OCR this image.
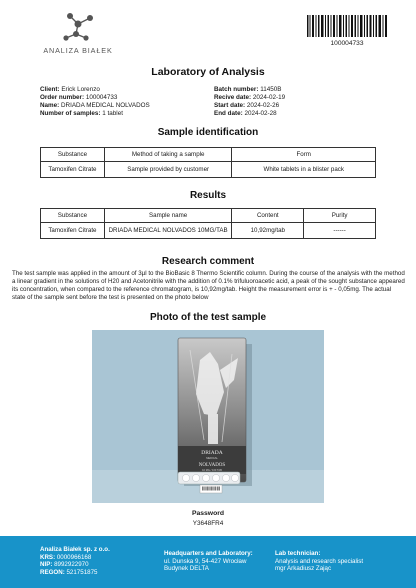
ANALIZA BIAŁEK
100004733
Laboratory of Analysis
Client: Erick Lorenzo
Order number: 100004733
Name: DRIADA MEDICAL NOLVADOS
Number of samples: 1 tablet
Batch number: 11450B
Recive date: 2024-02-19
Start date: 2024-02-26
End date: 2024-02-28
Sample identification
Substance	Method of taking a sample	Form
Tamoxifen Citrate	Sample provided by customer	White tablets in a blister pack
Results
Substance	Sample name	Content	Purity
Tamoxifen Citrate	DRIADA MEDICAL NOLVADOS 10MG/TAB	10,92mg/tab	------
Research comment
The test sample was applied in the amount of 3µl to the BioBasic 8 Thermo Scientific column. During the course of the analysis with the method a linear gradient in the solutions of H20 and Acetonitrile with the addition of 0.1% trifuluoroacetic acid, a peak of the sought substance appeared its concentration, when compared to the reference chromatogram, is 10,92mg/tab. Height the measurement error is + - 0,05mg. The actual state of the sample sent before the test is presented on the photo below
Photo of the test sample
DRIADA
MEDICAL
NOLVADOS
10 MG / 100 TAB
Password
Y3648FR4
Analiza Białek sp. z o.o.
KRS: 0000966168
NIP: 8992922970
REGON: 521751875
Headquarters and Laboratory:
ul. Dunska 9, 54-427 Wrocław
Budynek DELTA
Lab technician:
Analysis and research specialist
mgr Arkadiusz Zając
